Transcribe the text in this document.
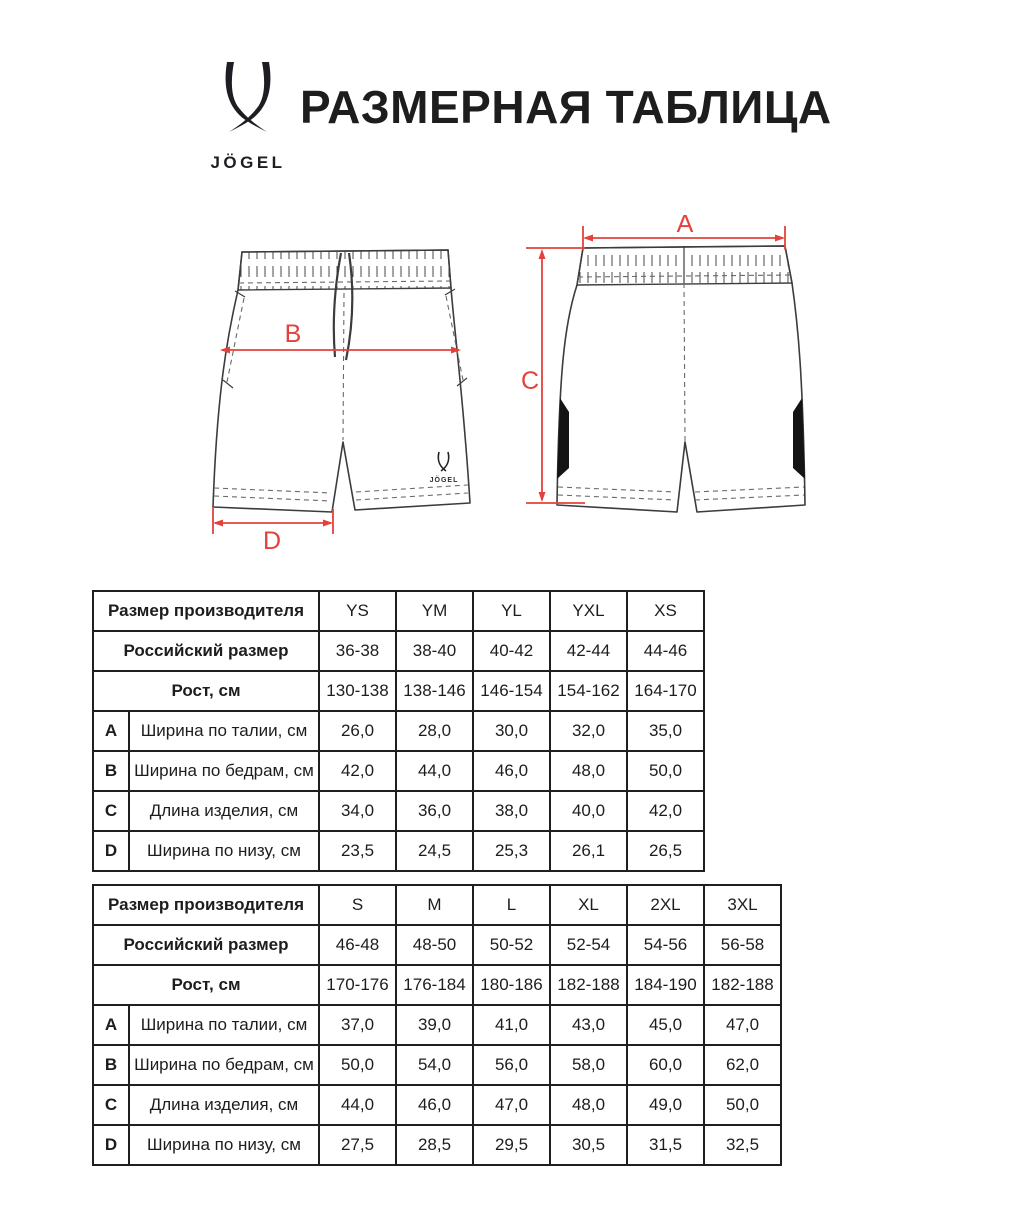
JÖGEL
РАЗМЕРНАЯ ТАБЛИЦА
JÖGEL
B
D
A
C
Размер производителя		YS	YM	YL	YXL	XS
Российский размер		36-38	38-40	40-42	42-44	44-46
Рост, см		130-138	138-146	146-154	154-162	164-170
A	Ширина по талии, см	26,0	28,0	30,0	32,0	35,0
B	Ширина по бедрам, см	42,0	44,0	46,0	48,0	50,0
C	Длина изделия, см	34,0	36,0	38,0	40,0	42,0
D	Ширина по низу, см	23,5	24,5	25,3	26,1	26,5
Размер производителя		S	M	L	XL	2XL	3XL
Российский размер		46-48	48-50	50-52	52-54	54-56	56-58
Рост, см		170-176	176-184	180-186	182-188	184-190	182-188
A	Ширина по талии, см	37,0	39,0	41,0	43,0	45,0	47,0
B	Ширина по бедрам, см	50,0	54,0	56,0	58,0	60,0	62,0
C	Длина изделия, см	44,0	46,0	47,0	48,0	49,0	50,0
D	Ширина по низу, см	27,5	28,5	29,5	30,5	31,5	32,5
